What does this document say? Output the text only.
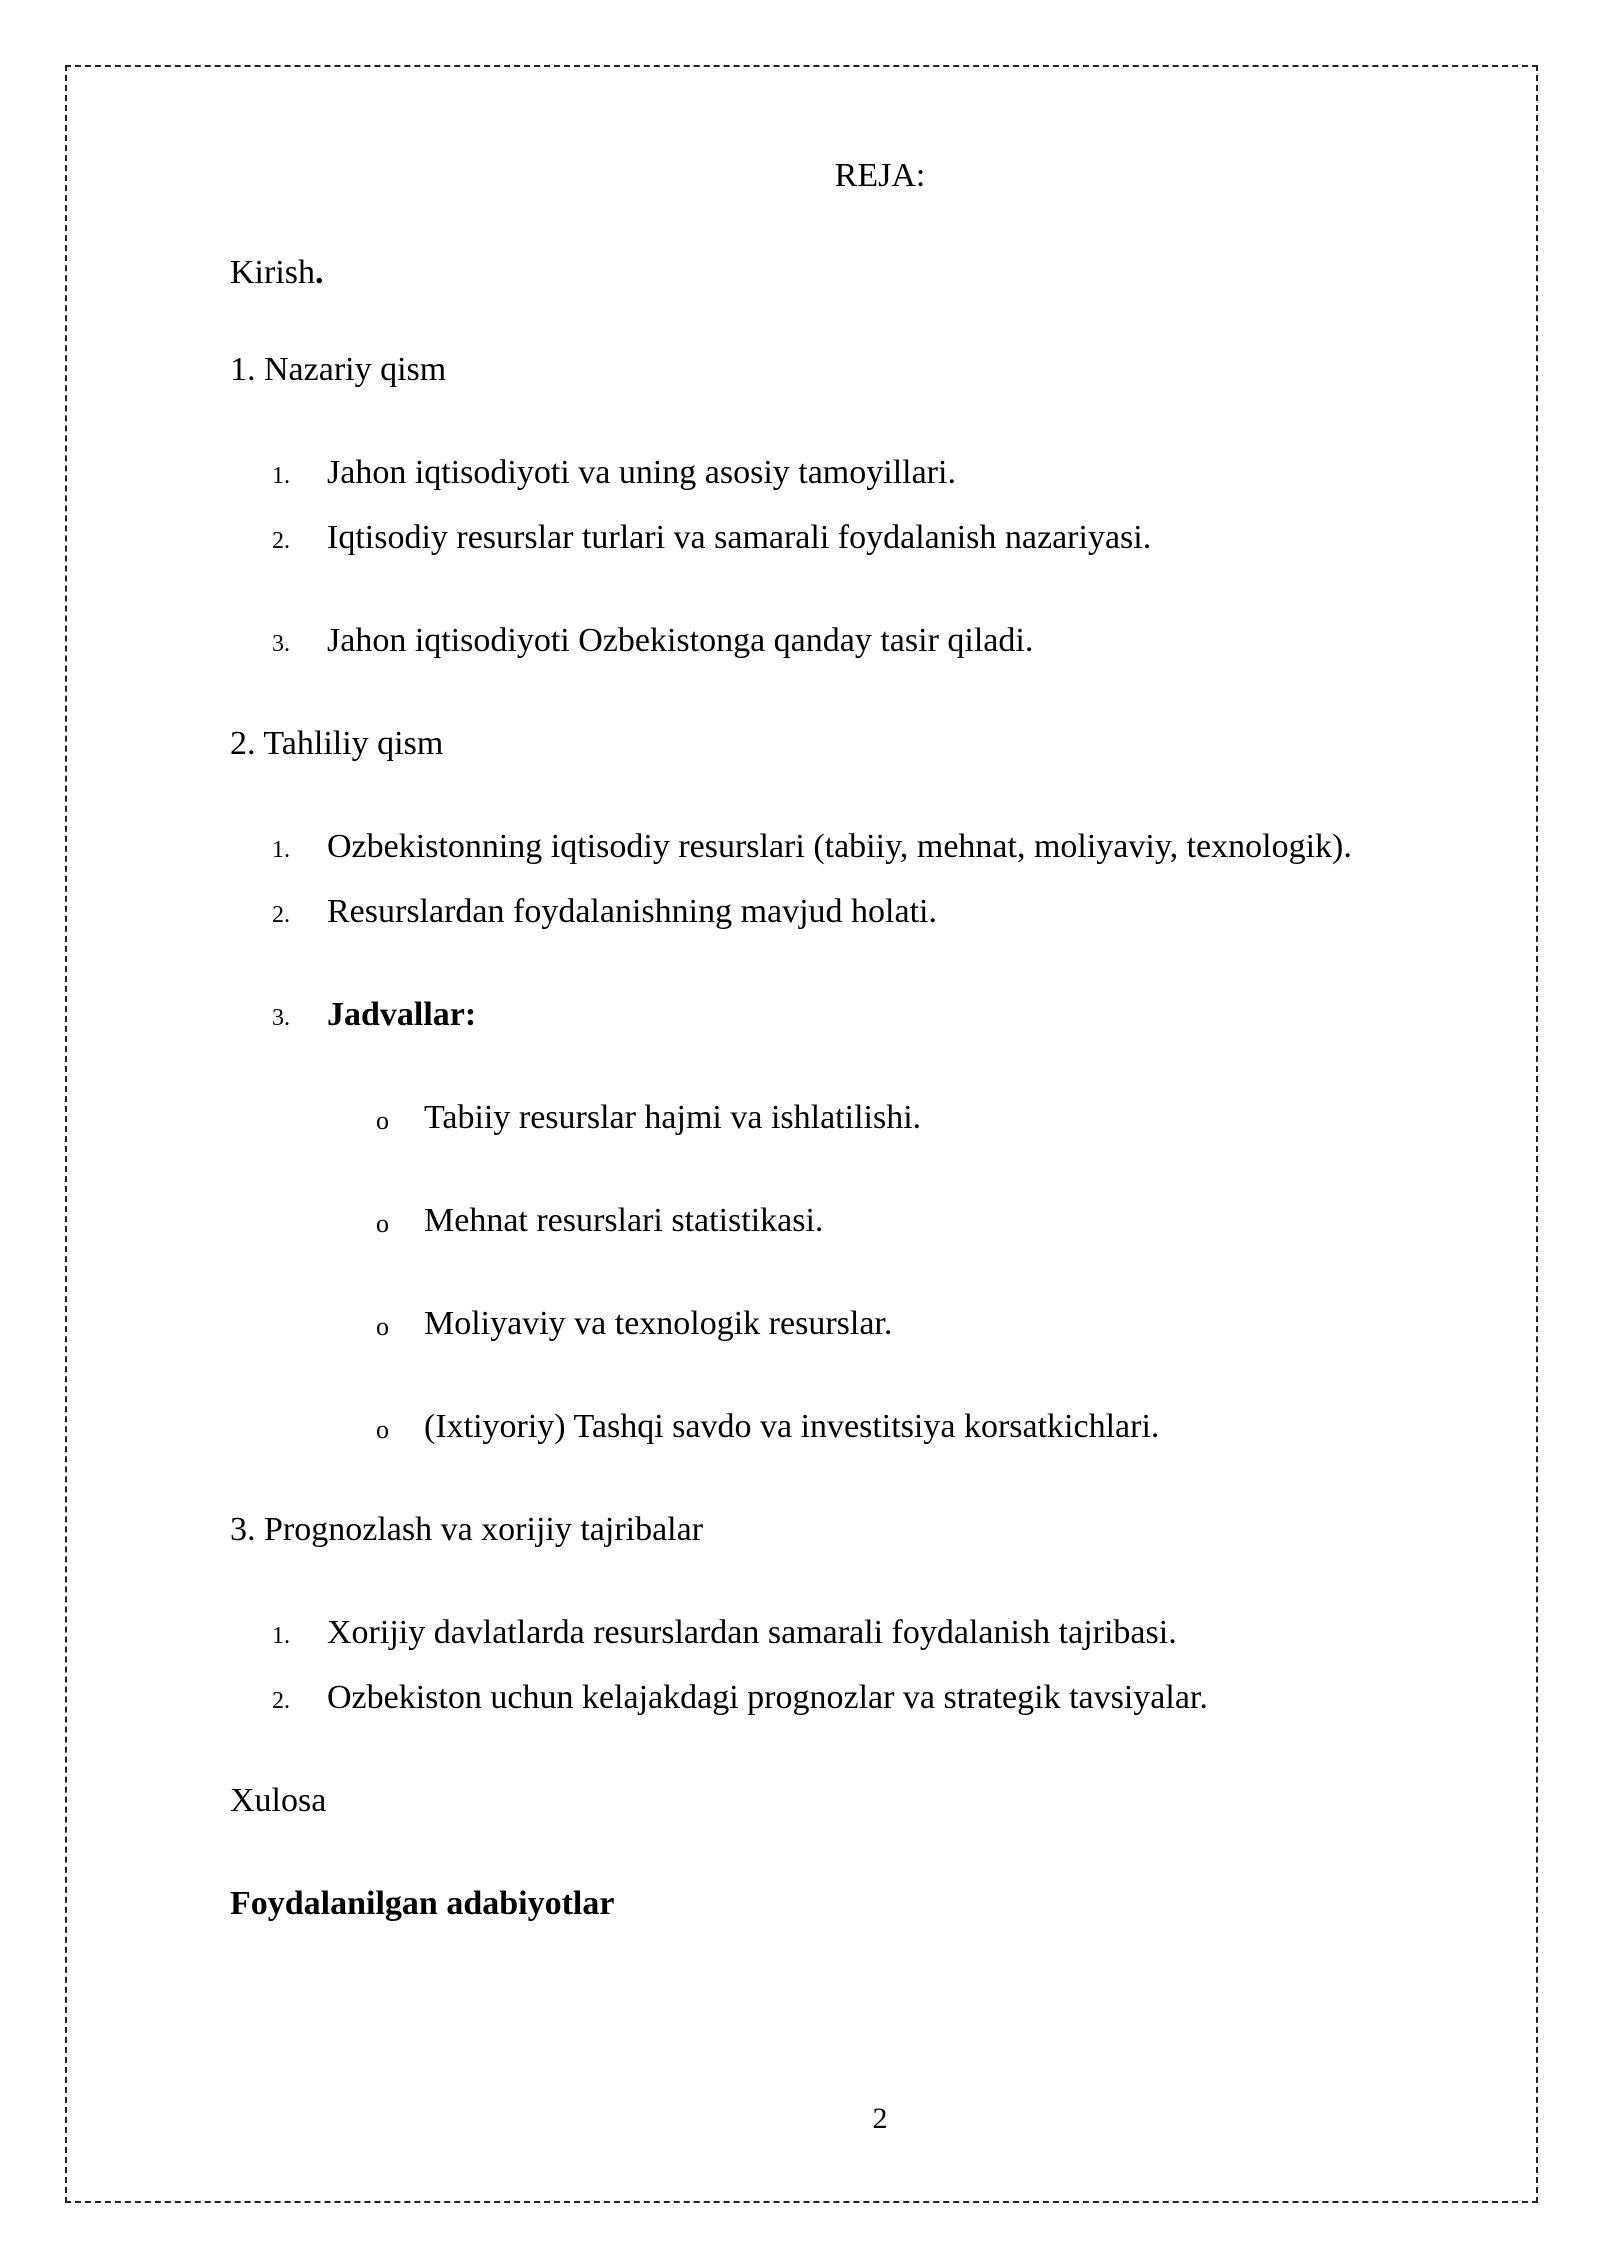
REJA:
Kirish.
1. Nazariy qism
1.	Jahon iqtisodiyoti va uning asosiy tamoyillari.
2.	Iqtisodiy resurslar turlari va samarali foydalanish nazariyasi.
3.	Jahon iqtisodiyoti Ozbekistonga qanday tasir qiladi.
2. Tahliliy qism
1.	Ozbekistonning iqtisodiy resurslari (tabiiy, mehnat, moliyaviy, texnologik).
2.	Resurslardan foydalanishning mavjud holati.
3.	Jadvallar:
o Tabiiy resurslar hajmi va ishlatilishi.
o Mehnat resurslari statistikasi.
o Moliyaviy va texnologik resurslar.
o (Ixtiyoriy) Tashqi savdo va investitsiya korsatkichlari.
3. Prognozlash va xorijiy tajribalar
1.	Xorijiy davlatlarda resurslardan samarali foydalanish tajribasi.
2.	Ozbekiston uchun kelajakdagi prognozlar va strategik tavsiyalar.
Xulosa
Foydalanilgan adabiyotlar
2
